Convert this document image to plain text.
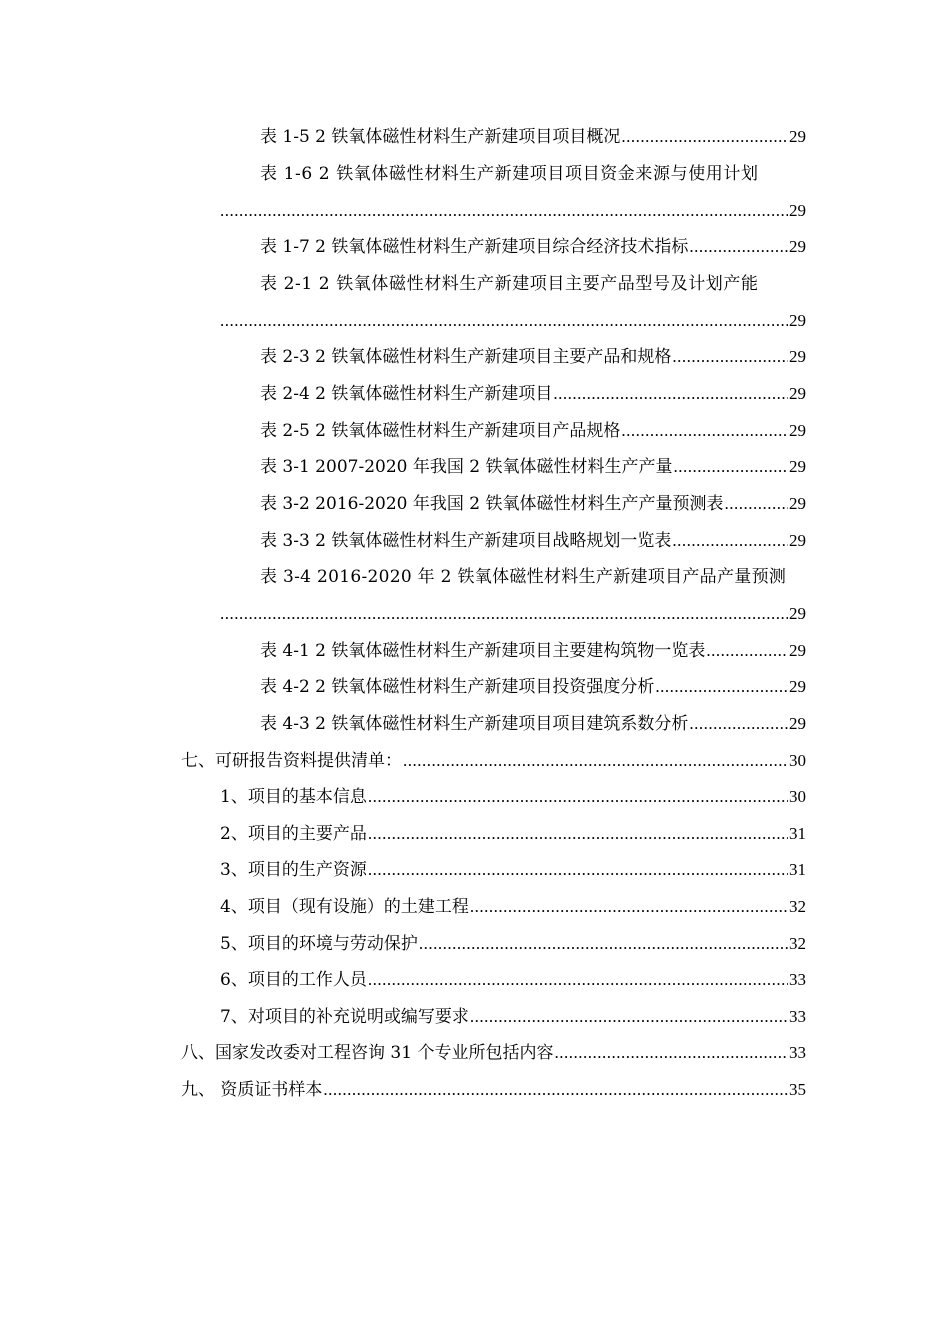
表 1-5 2 铁氧体磁性材料生产新建项目项目概况 .....	29
表 1-6 2 铁氧体磁性材料生产新建项目项目资金来源与使用计划
.....
29
表 1-7 2 铁氧体磁性材料生产新建项目综合经济技术指标 .....	29
表 2-1 2 铁氧体磁性材料生产新建项目主要产品型号及计划产能
.....
29
表 2-3 2 铁氧体磁性材料生产新建项目主要产品和规格 .....	29
表 2-4 2 铁氧体磁性材料生产新建项目 .....	29
表 2-5 2 铁氧体磁性材料生产新建项目产品规格 .....	29
表 3-1 2007-2020 年我国 2 铁氧体磁性材料生产产量 .....	29
表 3-2 2016-2020 年我国 2 铁氧体磁性材料生产产量预测表 .....	29
表 3-3 2 铁氧体磁性材料生产新建项目战略规划一览表 .....	29
表 3-4 2016-2020 年 2 铁氧体磁性材料生产新建项目产品产量预测
.....
29
表 4-1 2 铁氧体磁性材料生产新建项目主要建构筑物一览表 .....	29
表 4-2 2 铁氧体磁性材料生产新建项目投资强度分析 .....	29
表 4-3 2 铁氧体磁性材料生产新建项目项目建筑系数分析 .....	29
七、可研报告资料提供清单： .....	30
1、项目的基本信息 .....	30
2、项目的主要产品 .....	31
3、项目的生产资源 .....	31
4、项目（现有设施）的土建工程 .....	32
5、项目的环境与劳动保护 .....	32
6、项目的工作人员 .....	33
7、对项目的补充说明或编写要求 .....	33
八、国家发改委对工程咨询 31 个专业所包括内容 .....	33
九、 资质证书样本 .....	35
